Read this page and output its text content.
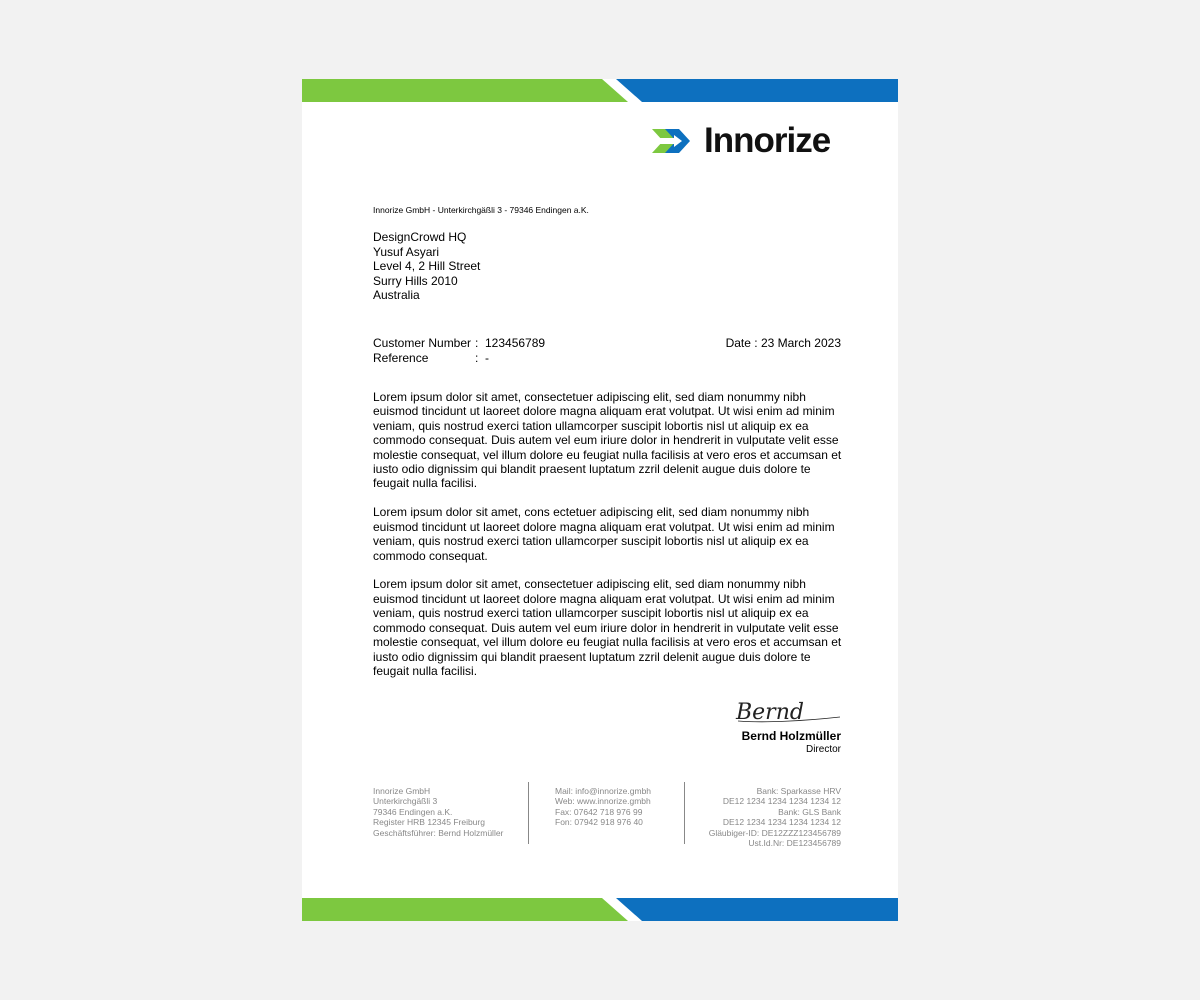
Innorize
Innorize GmbH - Unterkirchgäßli 3 - 79346 Endingen a.K.
DesignCrowd HQ
Yusuf Asyari
Level 4, 2 Hill Street
Surry Hills 2010
Australia
Customer Number : 123456789
Reference	: -
Date : 23 March 2023

Lorem ipsum dolor sit amet, consectetuer adipiscing elit, sed diam nonummy nibh euismod tincidunt ut laoreet dolore magna aliquam erat volutpat. Ut wisi enim ad minim veniam, quis nostrud exerci tation ullamcorper suscipit lobortis nisl ut aliquip ex ea commodo consequat. Duis autem vel eum iriure dolor in hendrerit in vulputate velit esse molestie consequat, vel illum dolore eu feugiat nulla facilisis at vero eros et accumsan et iusto odio dignissim qui blandit praesent luptatum zzril delenit augue duis dolore te feugait nulla facilisi.

Lorem ipsum dolor sit amet, cons ectetuer adipiscing elit, sed diam nonummy nibh euismod tincidunt ut laoreet dolore magna aliquam erat volutpat. Ut wisi enim ad minim veniam, quis nostrud exerci tation ullamcorper suscipit lobortis nisl ut aliquip ex ea commodo consequat.

Lorem ipsum dolor sit amet, consectetuer adipiscing elit, sed diam nonummy nibh euismod tincidunt ut laoreet dolore magna aliquam erat volutpat. Ut wisi enim ad minim veniam, quis nostrud exerci tation ullamcorper suscipit lobortis nisl ut aliquip ex ea commodo consequat. Duis autem vel eum iriure dolor in hendrerit in vulputate velit esse molestie consequat, vel illum dolore eu feugiat nulla facilisis at vero eros et accumsan et iusto odio dignissim qui blandit praesent luptatum zzril delenit augue duis dolore te feugait nulla facilisi.

Bernd
Bernd Holzmüller
Director
Innorize GmbH
Unterkirchgäßli 3
79346 Endingen a.K.
Register HRB 12345 Freiburg
Geschäftsführer: Bernd Holzmüller
Mail: info@innorize.gmbh
Web: www.innorize.gmbh
Fax: 07642 718 976 99
Fon: 07942 918 976 40
Bank: Sparkasse HRV
DE12 1234 1234 1234 1234 12
Bank: GLS Bank
DE12 1234 1234 1234 1234 12
Gläubiger-ID: DE12ZZZ123456789
Ust.Id.Nr: DE123456789
